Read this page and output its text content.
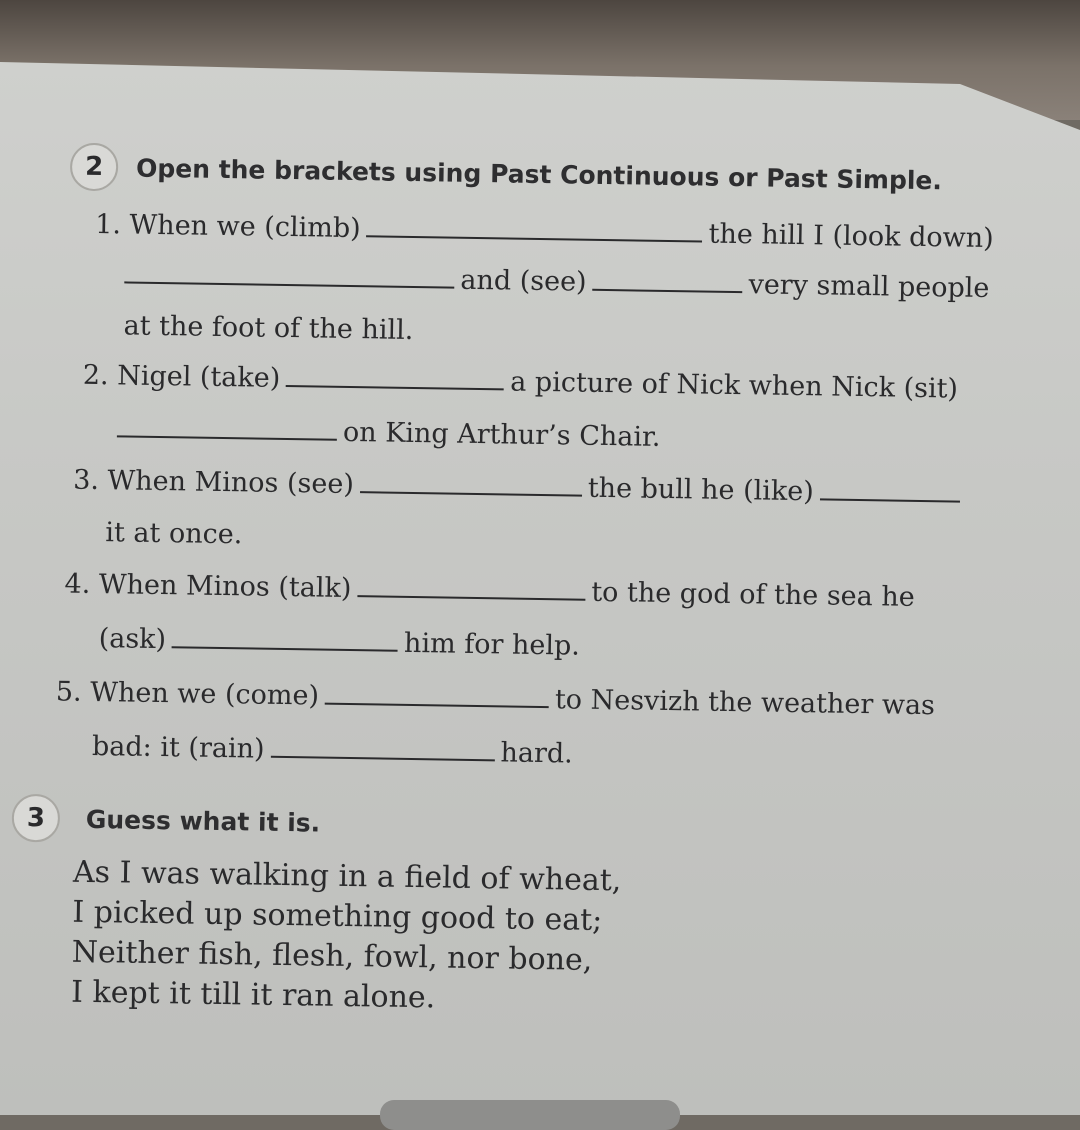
2	Open the brackets using Past Continuous or Past Simple.
1. When we (climb)	the hill I (look down)
and (see)	very small people
at the foot of the hill.
2. Nigel (take)	a picture of Nick when Nick (sit)
on King Arthur’s Chair.
3. When Minos (see)	the bull he (like)
it at once.
4. When Minos (talk)	to the god of the sea he
(ask)	him for help.
5. When we (come)	to Nesvizh the weather was
bad: it (rain)	hard.
3	Guess what it is.
As I was walking in a field of wheat,
I picked up something good to eat;
Neither fish, flesh, fowl, nor bone,
I kept it till it ran alone.
